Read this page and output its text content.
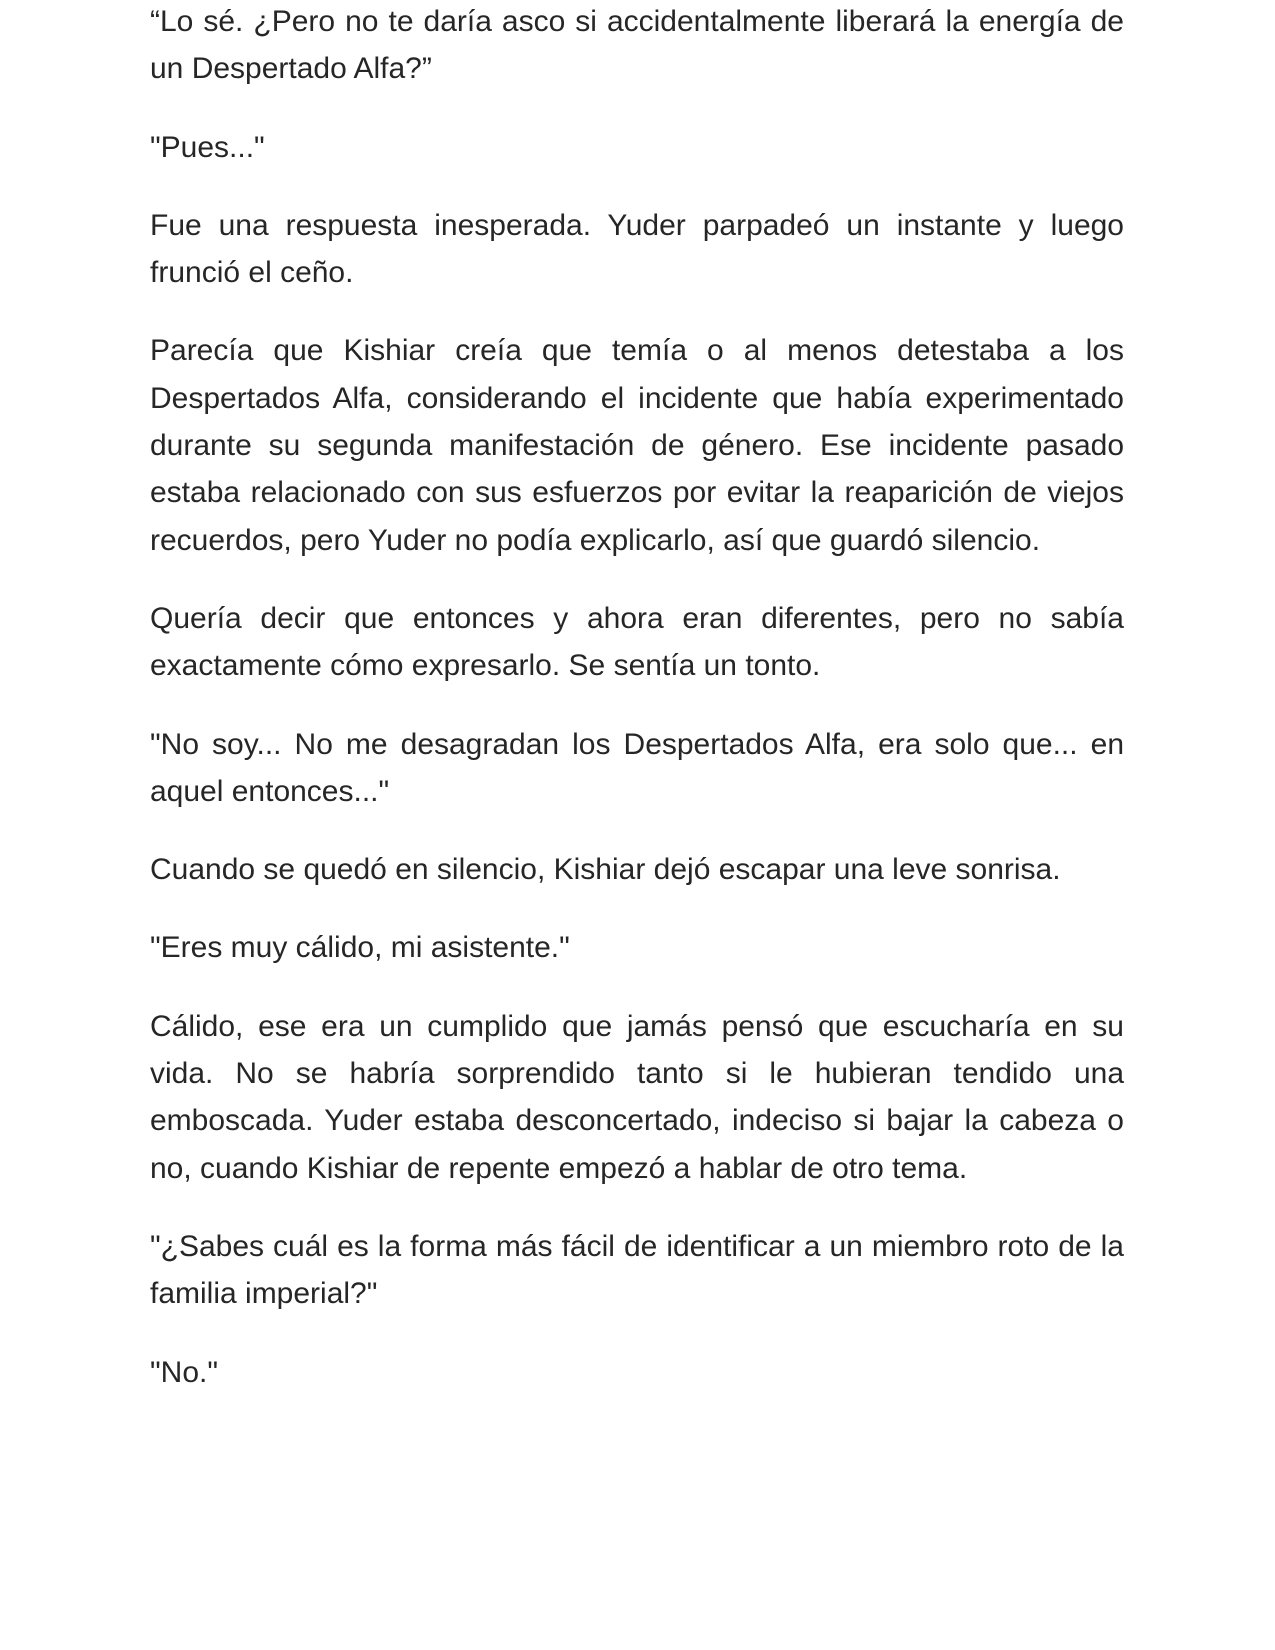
“Lo sé. ¿Pero no te daría asco si accidentalmente liberará la energía de un Despertado Alfa?”

"Pues..."

Fue una respuesta inesperada. Yuder parpadeó un instante y luego frunció el ceño.

Parecía que Kishiar creía que temía o al menos detestaba a los Despertados Alfa, considerando el incidente que había experimentado durante su segunda manifestación de género. Ese incidente pasado estaba relacionado con sus esfuerzos por evitar la reaparición de viejos recuerdos, pero Yuder no podía explicarlo, así que guardó silencio.

Quería decir que entonces y ahora eran diferentes, pero no sabía exactamente cómo expresarlo. Se sentía un tonto.

"No soy... No me desagradan los Despertados Alfa, era solo que... en aquel entonces..."

Cuando se quedó en silencio, Kishiar dejó escapar una leve sonrisa.

"Eres muy cálido, mi asistente."

Cálido, ese era un cumplido que jamás pensó que escucharía en su vida. No se habría sorprendido tanto si le hubieran tendido una emboscada. Yuder estaba desconcertado, indeciso si bajar la cabeza o no, cuando Kishiar de repente empezó a hablar de otro tema.

"¿Sabes cuál es la forma más fácil de identificar a un miembro roto de la familia imperial?"

"No."
